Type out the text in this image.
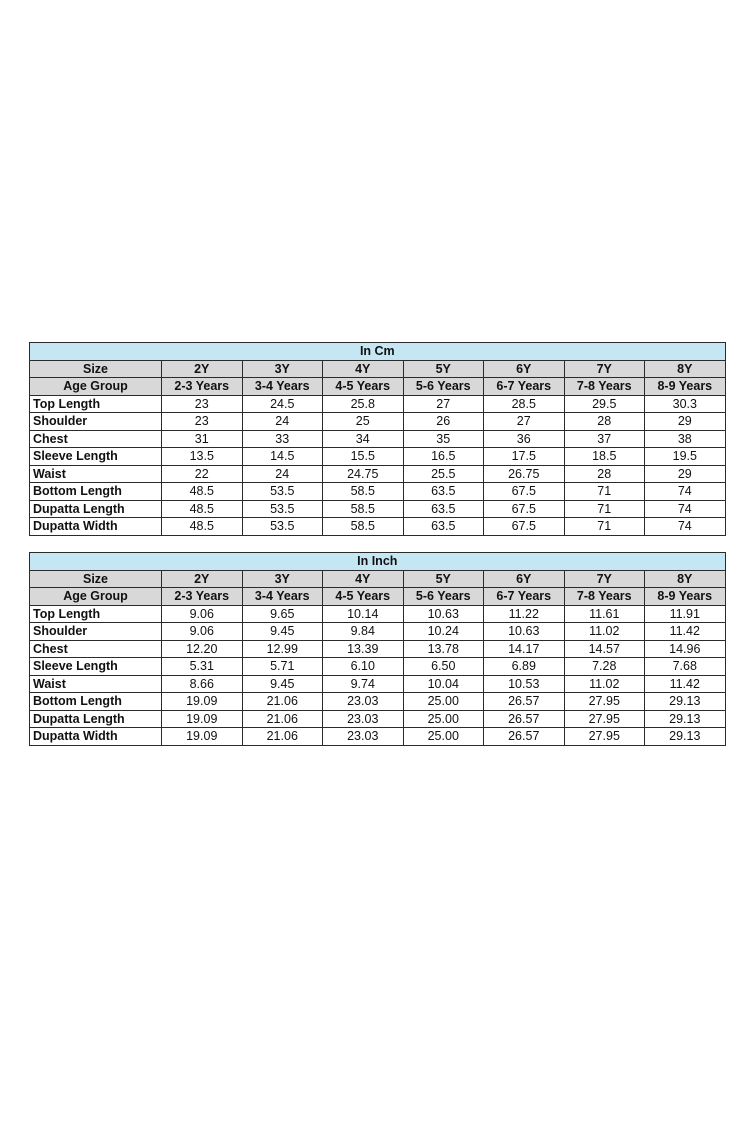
In Cm							
Size	2Y	3Y	4Y	5Y	6Y	7Y	8Y
Age Group	2-3 Years	3-4 Years	4-5 Years	5-6 Years	6-7 Years	7-8 Years	8-9 Years
Top Length	23	24.5	25.8	27	28.5	29.5	30.3
Shoulder	23	24	25	26	27	28	29
Chest	31	33	34	35	36	37	38
Sleeve Length	13.5	14.5	15.5	16.5	17.5	18.5	19.5
Waist	22	24	24.75	25.5	26.75	28	29
Bottom Length	48.5	53.5	58.5	63.5	67.5	71	74
Dupatta Length	48.5	53.5	58.5	63.5	67.5	71	74
Dupatta Width	48.5	53.5	58.5	63.5	67.5	71	74
In Inch							
Size	2Y	3Y	4Y	5Y	6Y	7Y	8Y
Age Group	2-3 Years	3-4 Years	4-5 Years	5-6 Years	6-7 Years	7-8 Years	8-9 Years
Top Length	9.06	9.65	10.14	10.63	11.22	11.61	11.91
Shoulder	9.06	9.45	9.84	10.24	10.63	11.02	11.42
Chest	12.20	12.99	13.39	13.78	14.17	14.57	14.96
Sleeve Length	5.31	5.71	6.10	6.50	6.89	7.28	7.68
Waist	8.66	9.45	9.74	10.04	10.53	11.02	11.42
Bottom Length	19.09	21.06	23.03	25.00	26.57	27.95	29.13
Dupatta Length	19.09	21.06	23.03	25.00	26.57	27.95	29.13
Dupatta Width	19.09	21.06	23.03	25.00	26.57	27.95	29.13
